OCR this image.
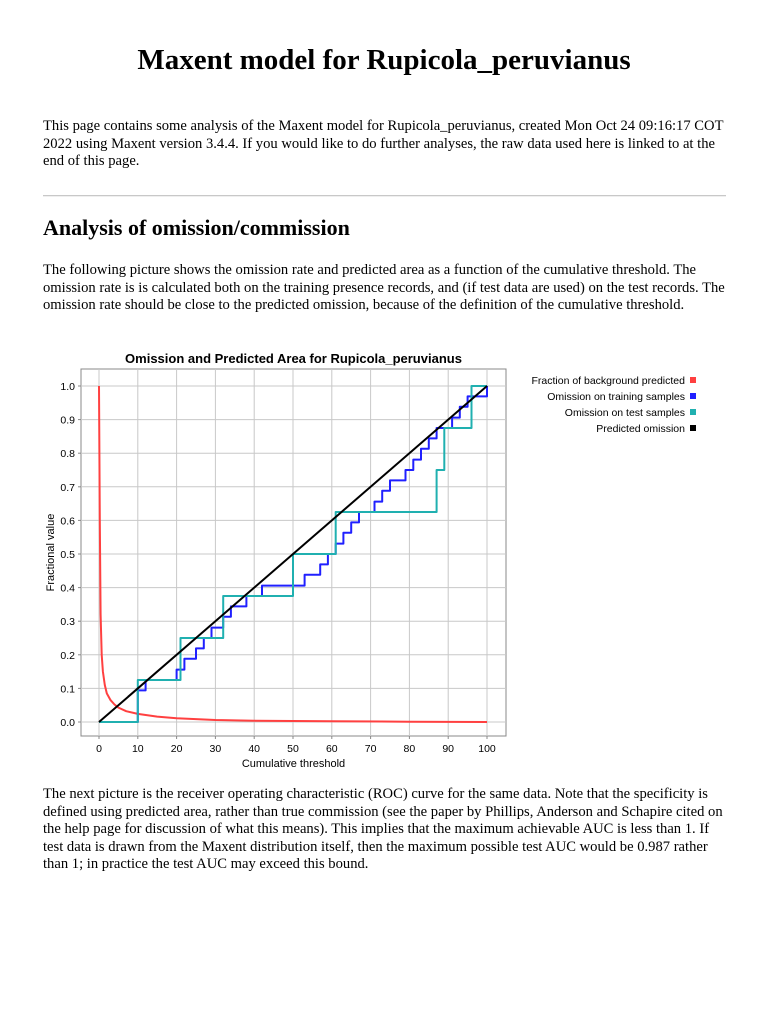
Maxent model for Rupicola_peruvianus

This page contains some analysis of the Maxent model for Rupicola_peruvianus, created Mon Oct 24 09:16:17 COT 2022 using Maxent version 3.4.4. If you would like to do further analyses, the raw data used here is linked to at the end of this page.

Analysis of omission/commission

The following picture shows the omission rate and predicted area as a function of the cumulative threshold. The omission rate is is calculated both on the training presence records, and (if test data are used) on the test records. The omission rate should be close to the predicted omission, because of the definition of the cumulative threshold.

Omission and Predicted Area for Rupicola_peruvianus
0	10	20	30	40	50	60	70	80	90 100
0.0
0.1
0.2
0.3
0.4
0.5
0.6
0.7
0.8
0.9
1.0
Cumulative threshold
Fractional value
Fraction of background predicted
Omission on training samples
Omission on test samples
Predicted omission

The next picture is the receiver operating characteristic (ROC) curve for the same data. Note that the specificity is defined using predicted area, rather than true commission (see the paper by Phillips, Anderson and Schapire cited on the help page for discussion of what this means). This implies that the maximum achievable AUC is less than 1. If test data is drawn from the Maxent distribution itself, then the maximum possible test AUC would be 0.987 rather than 1; in practice the test AUC may exceed this bound.
